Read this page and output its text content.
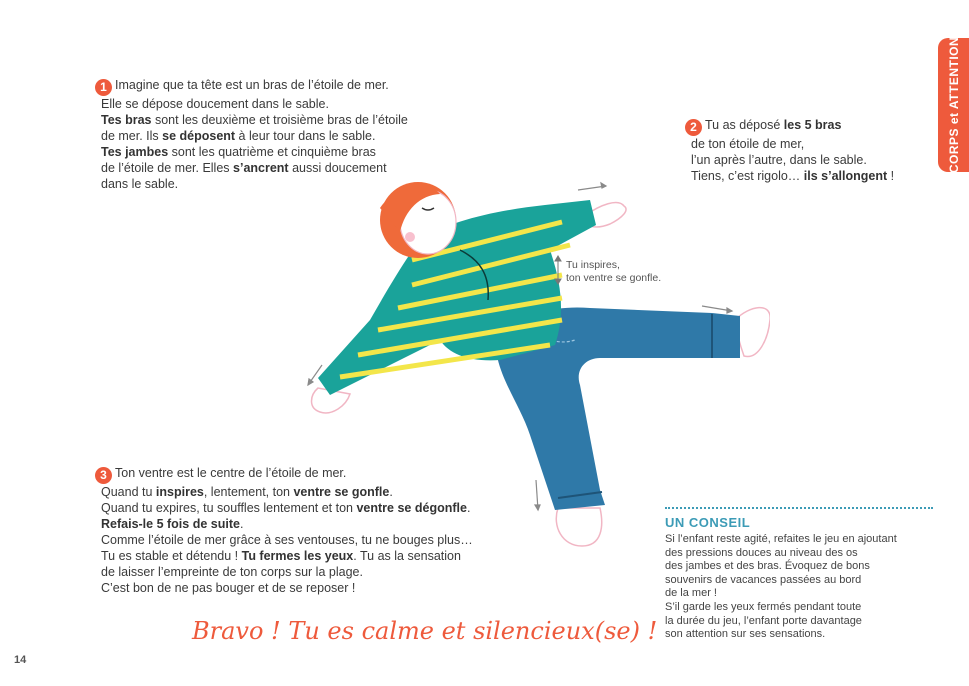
CORPS et ATTENTION
1 Imagine que ta tête est un bras de l’étoile de mer.
Elle se dépose doucement dans le sable.
Tes bras sont les deuxième et troisième bras de l’étoile
de mer. Ils se déposent à leur tour dans le sable.
Tes jambes sont les quatrième et cinquième bras
de l’étoile de mer. Elles s’ancrent aussi doucement
dans le sable.
2 Tu as déposé les 5 bras
de ton étoile de mer,
l’un après l’autre, dans le sable.
Tiens, c’est rigolo… ils s’allongent !
3 Ton ventre est le centre de l’étoile de mer.
Quand tu inspires, lentement, ton ventre se gonfle.
Quand tu expires, tu souffles lentement et ton ventre se dégonfle.
Refais-le 5 fois de suite.
Comme l’étoile de mer grâce à ses ventouses, tu ne bouges plus…
Tu es stable et détendu ! Tu fermes les yeux. Tu as la sensation
de laisser l’empreinte de ton corps sur la plage.
C’est bon de ne pas bouger et de se reposer !
Tu inspires,
ton ventre se gonfle.
Bravo ! Tu es calme et silencieux(se) !
14
UN CONSEIL
Si l’enfant reste agité, refaites le jeu en ajoutant
des pressions douces au niveau des os
des jambes et des bras. Évoquez de bons
souvenirs de vacances passées au bord
de la mer !
S’il garde les yeux fermés pendant toute
la durée du jeu, l’enfant porte davantage
son attention sur ses sensations.
